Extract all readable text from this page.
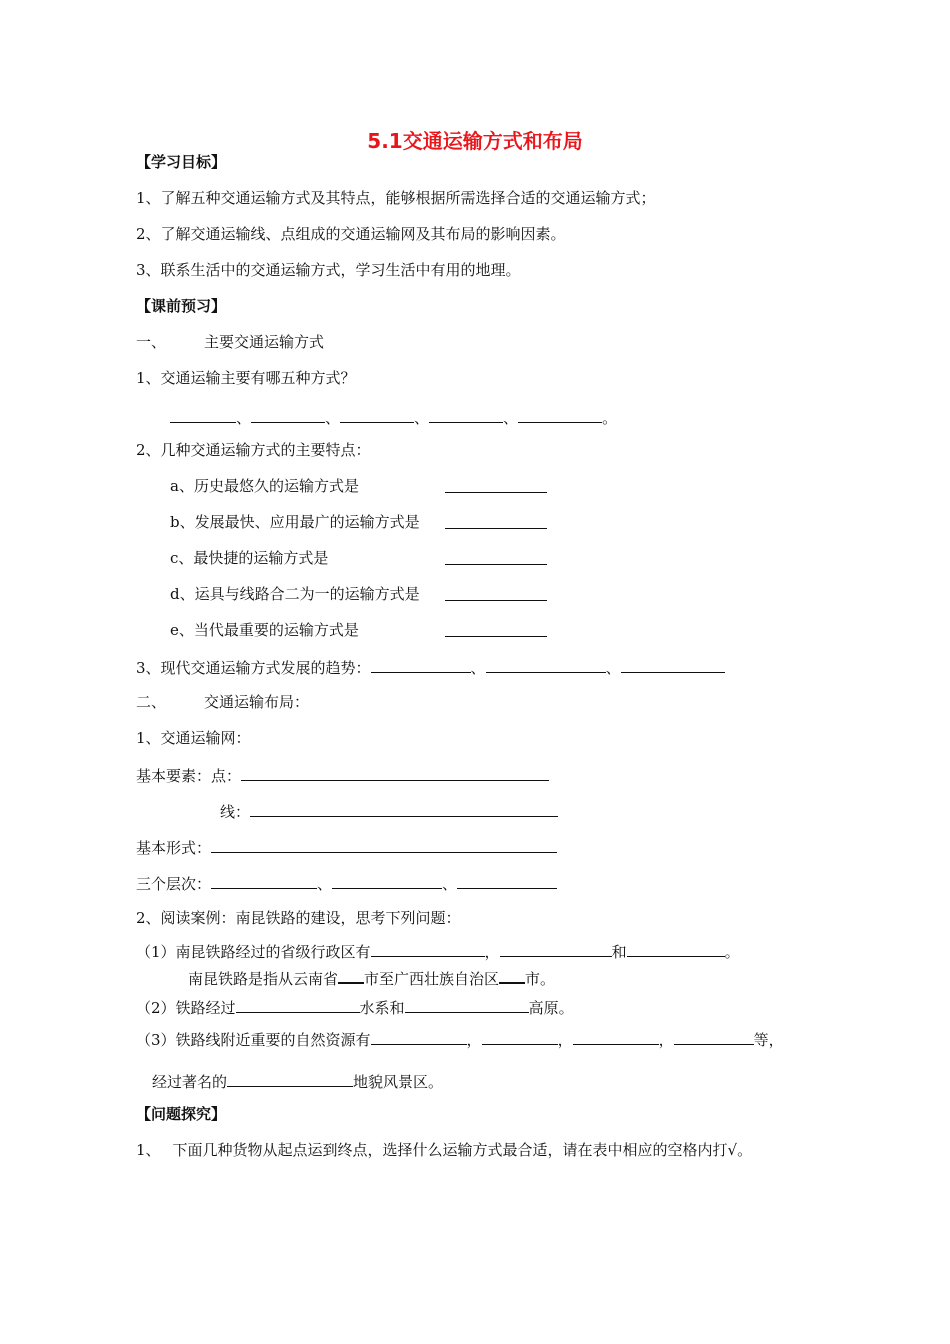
5.1交通运输方式和布局
【学习目标】
1、了解五种交通运输方式及其特点，能够根据所需选择合适的交通运输方式；
2、了解交通运输线、点组成的交通运输网及其布局的影响因素。
3、联系生活中的交通运输方式，学习生活中有用的地理。
【课前预习】
一、	主要交通运输方式
1、交通运输主要有哪五种方式？
、	、	、	、	。
2、几种交通运输方式的主要特点：
a、历史最悠久的运输方式是
b、发展最快、应用最广的运输方式是
c、最快捷的运输方式是
d、运具与线路合二为一的运输方式是
e、当代最重要的运输方式是
3、现代交通运输方式发展的趋势：	、	、
二、	交通运输布局：
1、交通运输网：
基本要素：点：
线：
基本形式：
三个层次：	、	、
2、阅读案例：南昆铁路的建设，思考下列问题：
（1）南昆铁路经过的省级行政区有	，	和	。
南昆铁路是指从云南省 市至广西壮族自治区 市。
（2）铁路经过	水系和	高原。
（3）铁路线附近重要的自然资源有	，	，	，	等，
经过著名的	地貌风景区。
【问题探究】
1、 下面几种货物从起点运到终点，选择什么运输方式最合适，请在表中相应的空格内打√。
